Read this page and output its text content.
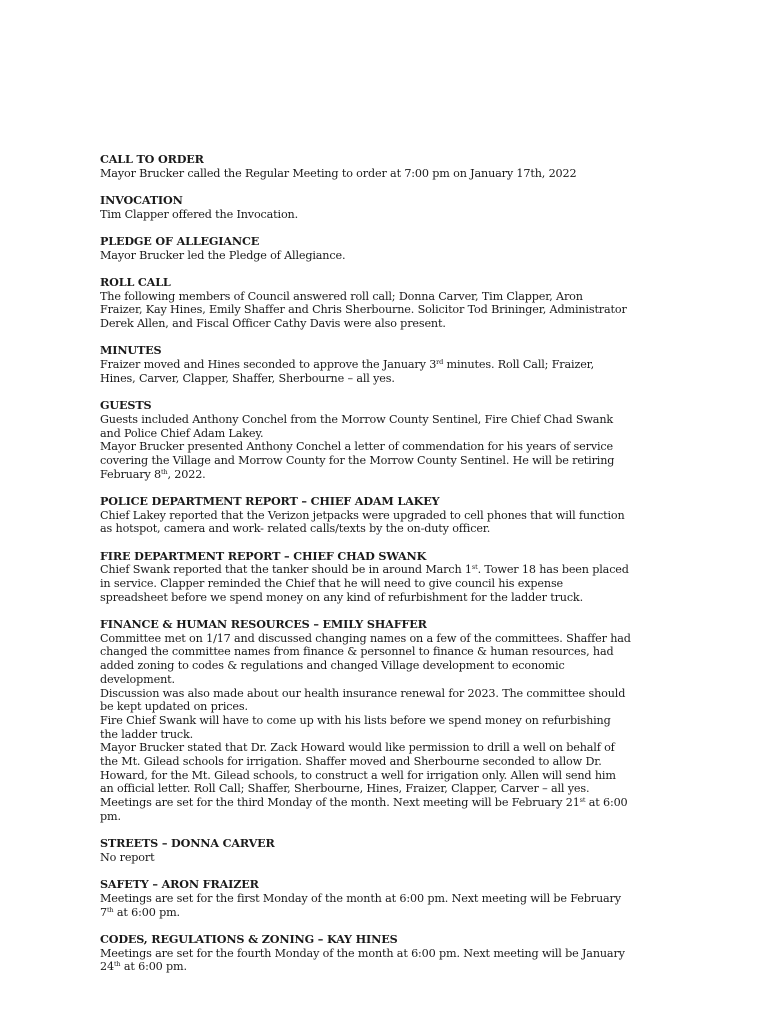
CALL TO ORDER
Mayor Brucker called the Regular Meeting to order at 7:00 pm on January 17th, 2022
INVOCATION
Tim Clapper offered the Invocation.
PLEDGE OF ALLEGIANCE
Mayor Brucker led the Pledge of Allegiance.
ROLL CALL
The following members of Council answered roll call; Donna Carver, Tim Clapper, Aron
Fraizer, Kay Hines, Emily Shaffer and Chris Sherbourne. Solicitor Tod Brininger, Administrator
Derek Allen, and Fiscal Officer Cathy Davis were also present.
MINUTES
Fraizer moved and Hines seconded to approve the January 3rd minutes. Roll Call; Fraizer,
Hines, Carver, Clapper, Shaffer, Sherbourne – all yes.
GUESTS
Guests included Anthony Conchel from the Morrow County Sentinel, Fire Chief Chad Swank
and Police Chief Adam Lakey.
Mayor Brucker presented Anthony Conchel a letter of commendation for his years of service
covering the Village and Morrow County for the Morrow County Sentinel. He will be retiring
February 8th, 2022.
POLICE DEPARTMENT REPORT – CHIEF ADAM LAKEY
Chief Lakey reported that the Verizon jetpacks were upgraded to cell phones that will function
as hotspot, camera and work- related calls/texts by the on-duty officer.
FIRE DEPARTMENT REPORT – CHIEF CHAD SWANK
Chief Swank reported that the tanker should be in around March 1st. Tower 18 has been placed
in service. Clapper reminded the Chief that he will need to give council his expense
spreadsheet before we spend money on any kind of refurbishment for the ladder truck.
FINANCE & HUMAN RESOURCES – EMILY SHAFFER
Committee met on 1/17 and discussed changing names on a few of the committees. Shaffer had
changed the committee names from finance & personnel to finance & human resources, had
added zoning to codes & regulations and changed Village development to economic
development.
Discussion was also made about our health insurance renewal for 2023. The committee should
be kept updated on prices.
Fire Chief Swank will have to come up with his lists before we spend money on refurbishing
the ladder truck.
Mayor Brucker stated that Dr. Zack Howard would like permission to drill a well on behalf of
the Mt. Gilead schools for irrigation. Shaffer moved and Sherbourne seconded to allow Dr.
Howard, for the Mt. Gilead schools, to construct a well for irrigation only. Allen will send him
an official letter. Roll Call; Shaffer, Sherbourne, Hines, Fraizer, Clapper, Carver – all yes.
Meetings are set for the third Monday of the month. Next meeting will be February 21st at 6:00
pm.
STREETS – DONNA CARVER
No report
SAFETY – ARON FRAIZER
Meetings are set for the first Monday of the month at 6:00 pm. Next meeting will be February
7th at 6:00 pm.
CODES, REGULATIONS & ZONING – KAY HINES
Meetings are set for the fourth Monday of the month at 6:00 pm. Next meeting will be January
24th at 6:00 pm.
